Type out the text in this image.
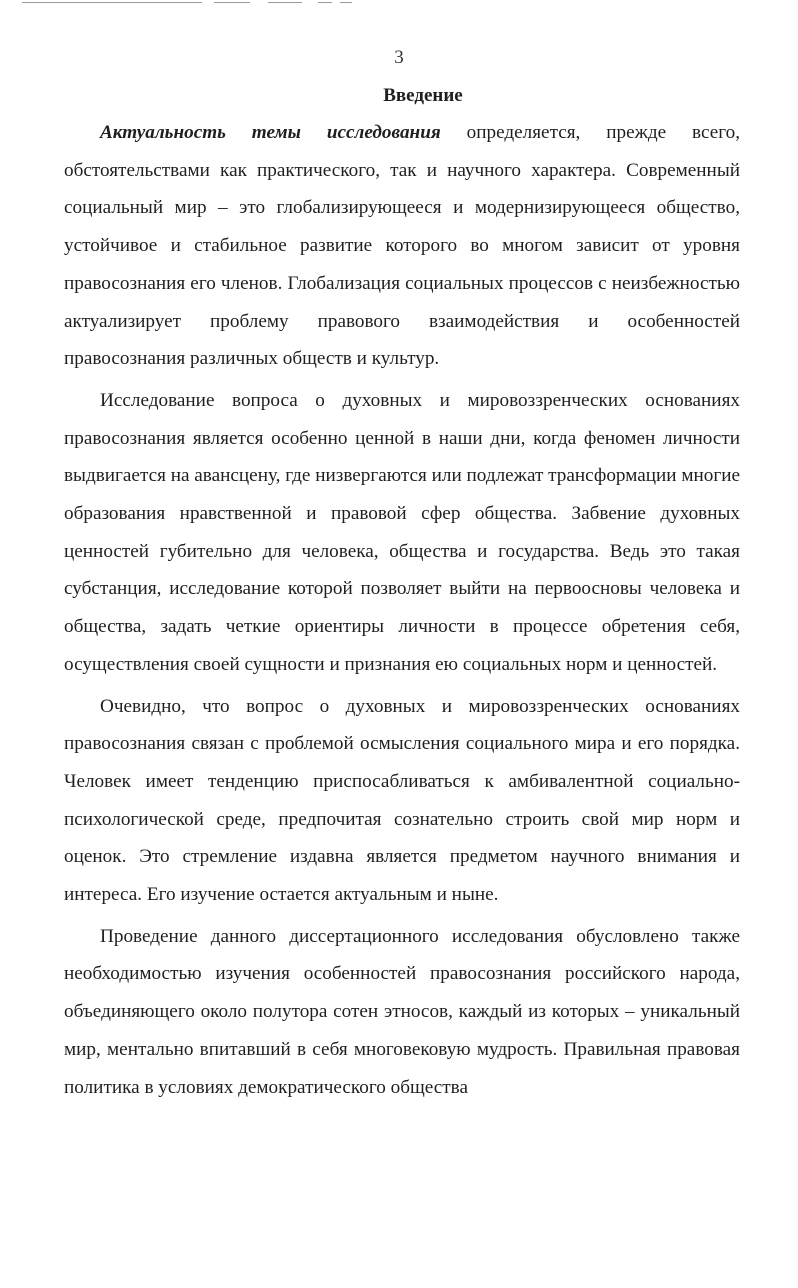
3
Введение

Актуальность темы исследования определяется, прежде всего, обстоятельствами как практического, так и научного характера. Современный социальный мир – это глобализирующееся и модернизирующееся общество, устойчивое и стабильное развитие которого во многом зависит от уровня правосознания его членов. Глобализация социальных процессов с неизбежностью актуализирует проблему правового взаимодействия и особенностей правосознания различных обществ и культур.

Исследование вопроса о духовных и мировоззренческих основаниях правосознания является особенно ценной в наши дни, когда феномен личности выдвигается на авансцену, где низвергаются или подлежат трансформации многие образования нравственной и правовой сфер общества. Забвение духовных ценностей губительно для человека, общества и государства. Ведь это такая субстанция, исследование которой позволяет выйти на первоосновы человека и общества, задать четкие ориентиры личности в процессе обретения себя, осуществления своей сущности и признания ею социальных норм и ценностей.

Очевидно, что вопрос о духовных и мировоззренческих основаниях правосознания связан с проблемой осмысления социального мира и его порядка. Человек имеет тенденцию приспосабливаться к амбивалентной социально-психологической среде, предпочитая сознательно строить свой мир норм и оценок. Это стремление издавна является предметом научного внимания и интереса. Его изучение остается актуальным и ныне.

Проведение данного диссертационного исследования обусловлено также необходимостью изучения особенностей правосознания российского народа, объединяющего около полутора сотен этносов, каждый из которых – уникальный мир, ментально впитавший в себя многовековую мудрость. Правильная правовая политика в условиях демократического общества
